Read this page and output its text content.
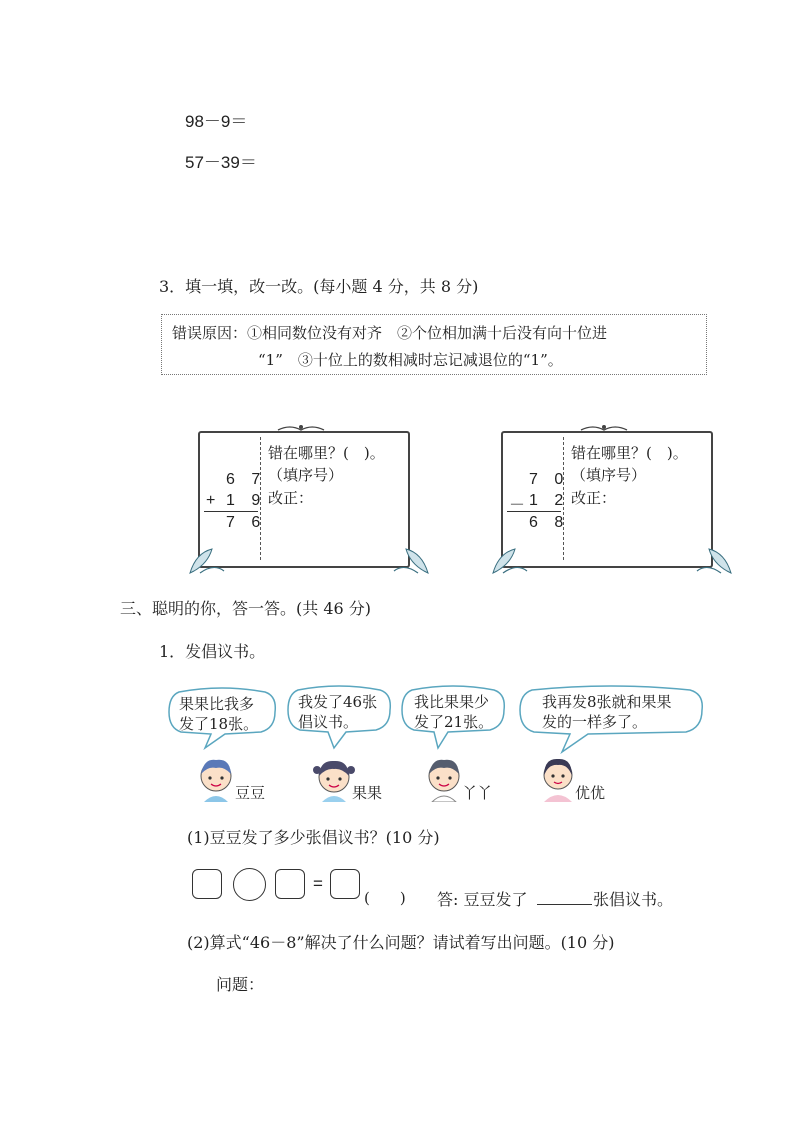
98－9＝
57－39＝
3．填一填，改一改。(每小题 4 分，共 8 分)
错误原因：①相同数位没有对齐　②个位相加满十后没有向十位进
“1”　③十位上的数相减时忘记减退位的“1”。
6 7
+ 1 9
7 6
错在哪里？(　)。
（填序号）
改正：
7 0
－ 1 2
6 8
错在哪里？(　)。
（填序号）
改正：
三、聪明的你，答一答。(共 46 分)
1．发倡议书。
果果比我多
发了18张。
我发了46张
倡议书。
我比果果少
发了21张。
我再发8张就和果果
发的一样多了。
豆豆	果果	丫丫	优优
(1)豆豆发了多少张倡议书？(10 分)
=
(　　) 答: 豆豆发了	张倡议书。
(2)算式“46－8”解决了什么问题？请试着写出问题。(10 分)
问题：
